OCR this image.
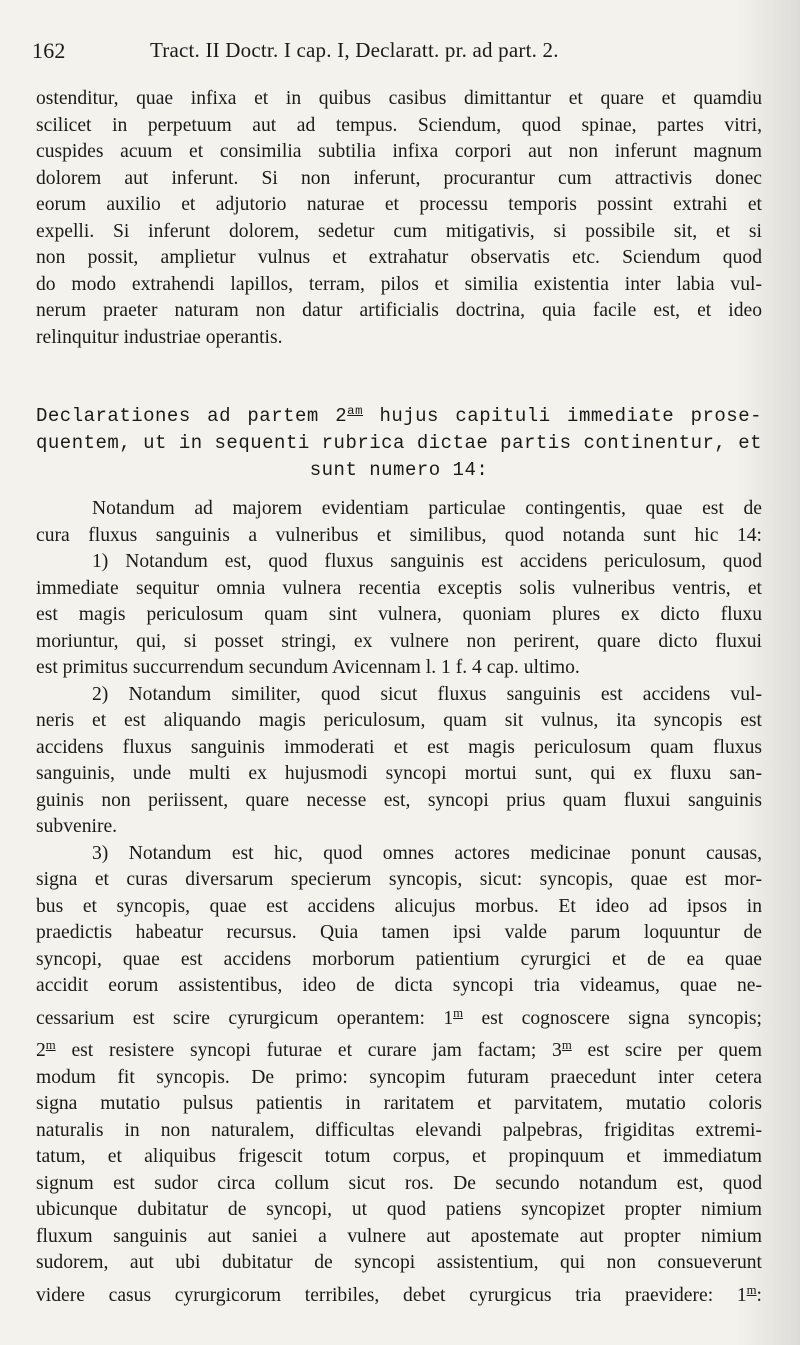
162	Tract. II Doctr. I cap. I, Declaratt. pr. ad part. 2.

ostenditur, quae infixa et in quibus casibus dimittantur et quare et quamdiu
scilicet in perpetuum aut ad tempus. Sciendum, quod spinae, partes vitri,
cuspides acuum et consimilia subtilia infixa corpori aut non inferunt magnum
dolorem aut inferunt. Si non inferunt, procurantur cum attractivis donec
eorum auxilio et adjutorio naturae et processu temporis possint extrahi et
expelli. Si inferunt dolorem, sedetur cum mitigativis, si possibile sit, et si
non possit, amplietur vulnus et extrahatur observatis etc. Sciendum quod
do modo extrahendi lapillos, terram, pilos et similia existentia inter labia vul-
nerum praeter naturam non datur artificialis doctrina, quia facile est, et ideo
relinquitur industriae operantis.

Declarationes ad partem $2^{am}$ hujus capituli immediate prose-
quentem, ut in sequenti rubrica dictae partis continentur, et
sunt numero 14:

Notandum ad majorem evidentiam particulae contingentis, quae est de
cura fluxus sanguinis a vulneribus et similibus, quod notanda sunt hic 14:

1) Notandum est, quod fluxus sanguinis est accidens periculosum, quod
immediate sequitur omnia vulnera recentia exceptis solis vulneribus ventris, et
est magis periculosum quam sint vulnera, quoniam plures ex dicto fluxu
moriuntur, qui, si posset stringi, ex vulnere non perirent, quare dicto fluxui
est primitus succurrendum secundum Avicennam l. 1 f. 4 cap. ultimo.

2) Notandum similiter, quod sicut fluxus sanguinis est accidens vul-
neris et est aliquando magis periculosum, quam sit vulnus, ita syncopis est
accidens fluxus sanguinis immoderati et est magis periculosum quam fluxus
sanguinis, unde multi ex hujusmodi syncopi mortui sunt, qui ex fluxu san-
guinis non periissent, quare necesse est, syncopi prius quam fluxui sanguinis
subvenire.

3) Notandum est hic, quod omnes actores medicinae ponunt causas,
signa et curas diversarum specierum syncopis, sicut: syncopis, quae est mor-
bus et syncopis, quae est accidens alicujus morbus. Et ideo ad ipsos in
praedictis habeatur recursus. Quia tamen ipsi valde parum loquuntur de
syncopi, quae est accidens morborum patientium cyrurgici et de ea quae
accidit eorum assistentibus, ideo de dicta syncopi tria videamus, quae ne-
cessarium est scire cyrurgicum operantem: 1$^m$ est cognoscere signa syncopis;
2$^m$ est resistere syncopi futurae et curare jam factam; 3$^m$ est scire per quem
modum fit syncopis. De primo: syncopim futuram praecedunt inter cetera
signa mutatio pulsus patientis in raritatem et parvitatem, mutatio coloris
naturalis in non naturalem, difficultas elevandi palpebras, frigiditas extremi-
tatum, et aliquibus frigescit totum corpus, et propinquum et immediatum
signum est sudor circa collum sicut ros. De secundo notandum est, quod
ubicunque dubitatur de syncopi, ut quod patiens syncopizet propter nimium
fluxum sanguinis aut saniei a vulnere aut apostemate aut propter nimium
sudorem, aut ubi dubitatur de syncopi assistentium, qui non consueverunt
videre casus cyrurgicorum terribiles, debet cyrurgicus tria praevidere: 1$^m$:
